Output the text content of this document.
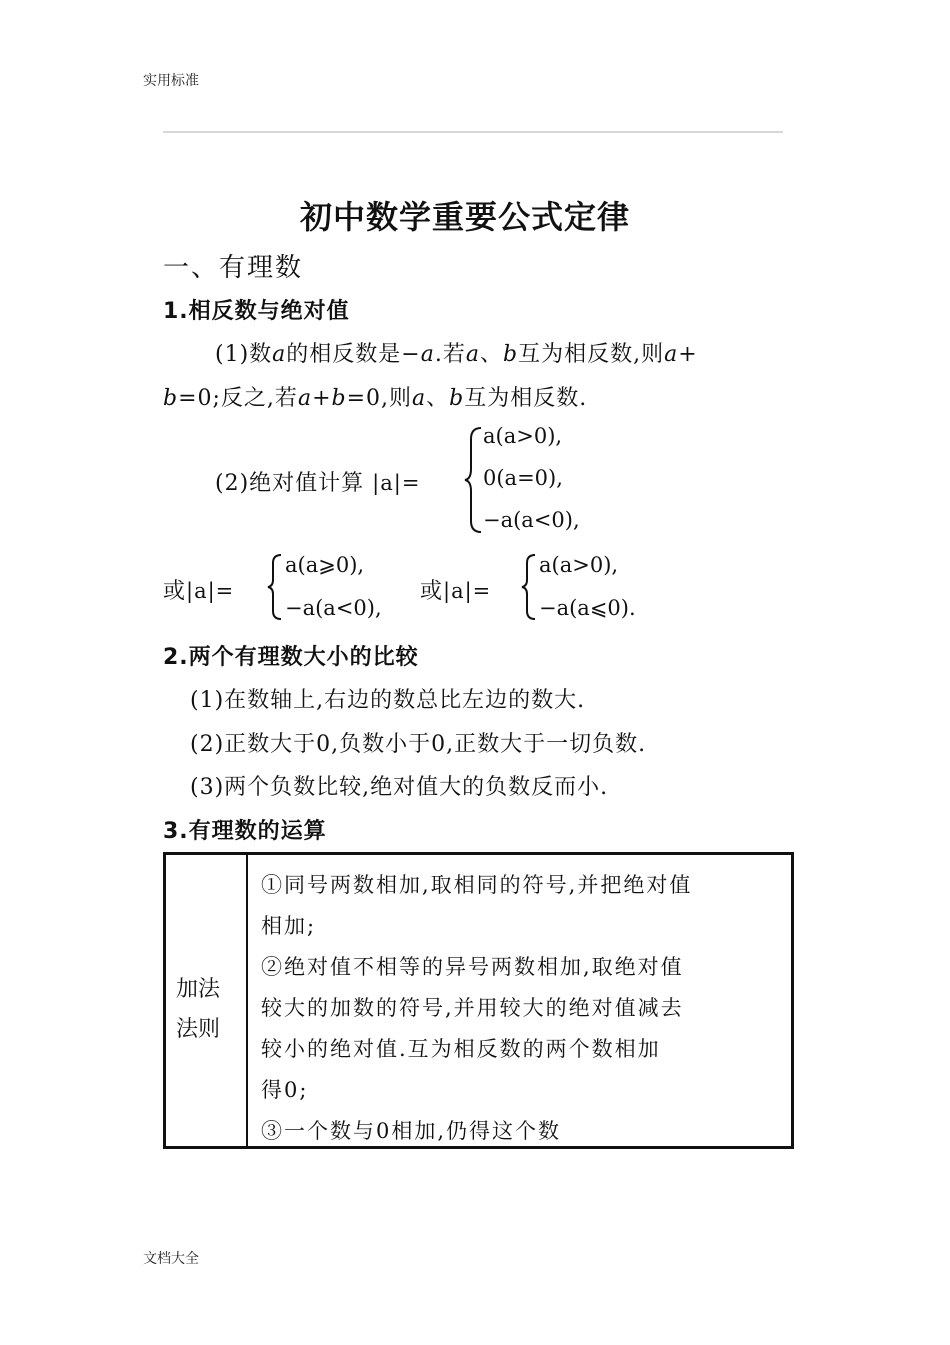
实用标准
文档大全
初中数学重要公式定律
一、有理数
1.相反数与绝对值
(1)数a的相反数是−a.若a、b互为相反数,则a+
b=0;反之,若a+b=0,则a、b互为相反数.
(2)绝对值计算 |a|=
a(a>0),
0(a=0),
−a(a<0),
或|a|=
a(a⩾0),
−a(a<0),
或|a|=
a(a>0),
−a(a⩽0).
2.两个有理数大小的比较
(1)在数轴上,右边的数总比左边的数大.
(2)正数大于0,负数小于0,正数大于一切负数.
(3)两个负数比较,绝对值大的负数反而小.
3.有理数的运算
加法
法则
①同号两数相加,取相同的符号,并把绝对值
相加;
②绝对值不相等的异号两数相加,取绝对值
较大的加数的符号,并用较大的绝对值减去
较小的绝对值.互为相反数的两个数相加
得0;
③一个数与0相加,仍得这个数
